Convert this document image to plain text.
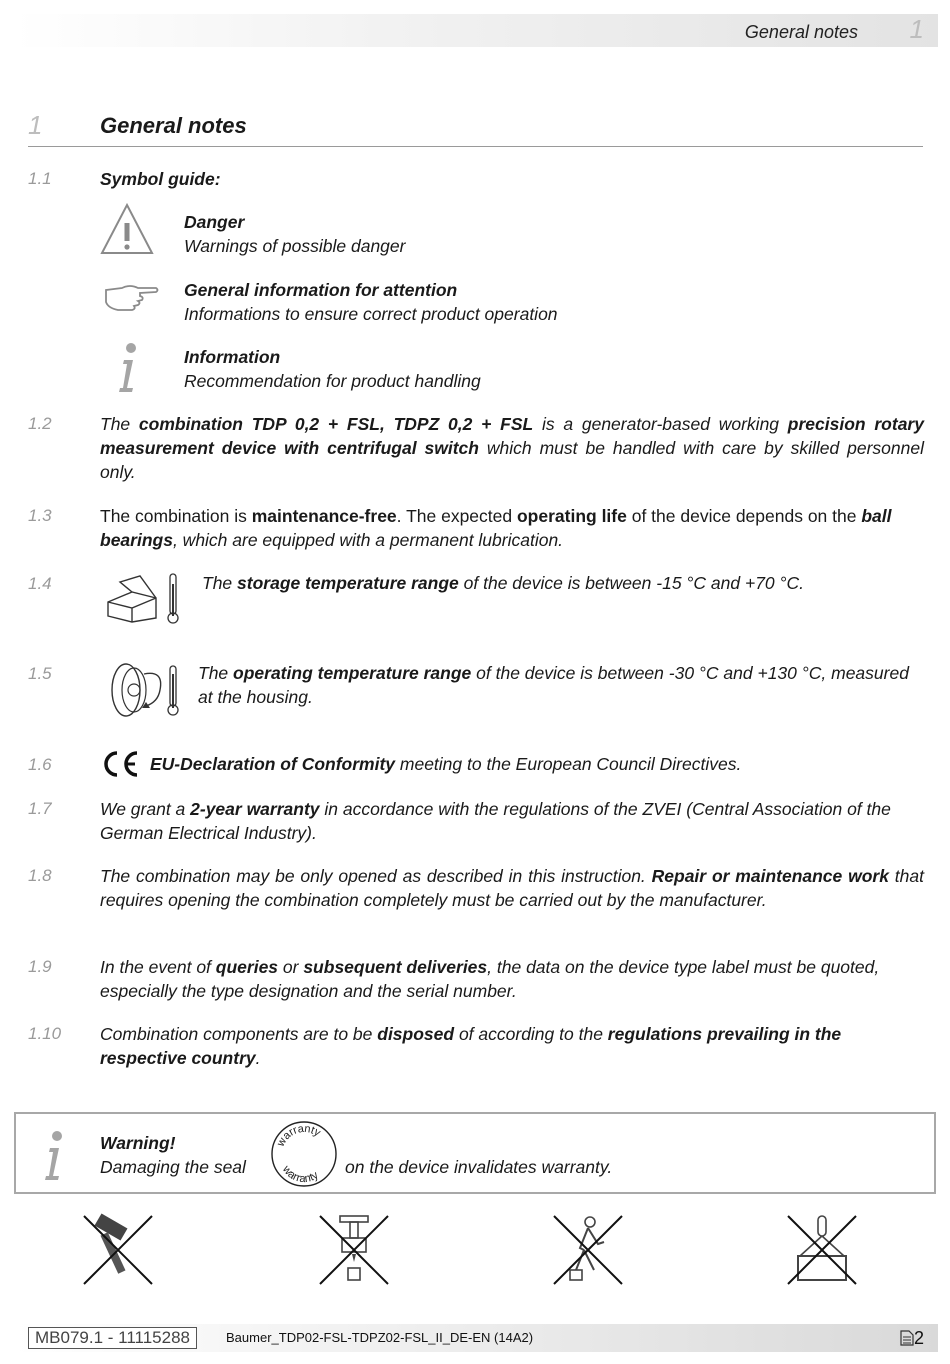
General notes 1
1	General notes
1.1	Symbol guide:
Danger
Warnings of possible danger
General information for attention
Informations to ensure correct product operation
Information
Recommendation for product handling
1.2	The combination TDP 0,2 + FSL, TDPZ 0,2 + FSL is a generator-based working precision rotary measurement device with centrifugal switch which must be handled with care by skilled personnel only.
1.3	The combination is maintenance-free. The expected operating life of the device depends on the ball bearings, which are equipped with a permanent lubrication.
1.4	The storage temperature range of the device is between -15 °C and +70 °C.
1.5	The operating temperature range of the device is between -30 °C and +130 °C, measured at the housing.
1.6	EU-Declaration of Conformity meeting to the European Council Directives.
1.7	We grant a 2-year warranty in accordance with the regulations of the ZVEI (Central Association of the German Electrical Industry).
1.8	The combination may be only opened as described in this instruction. Repair or maintenance work that requires opening the combination completely must be carried out by the manufacturer.
1.9	In the event of queries or subsequent deliveries, the data on the device type label must be quoted, especially the type designation and the serial number.
1.10 Combination components are to be disposed of according to the regulations prevailing in the respective country.
Warning!
Damaging the seal
warranty
warranty on the device invalidates warranty.
MB079.1 - 11115288	Baumer_TDP02-FSL-TDPZ02-FSL_II_DE-EN (14A2)	2
